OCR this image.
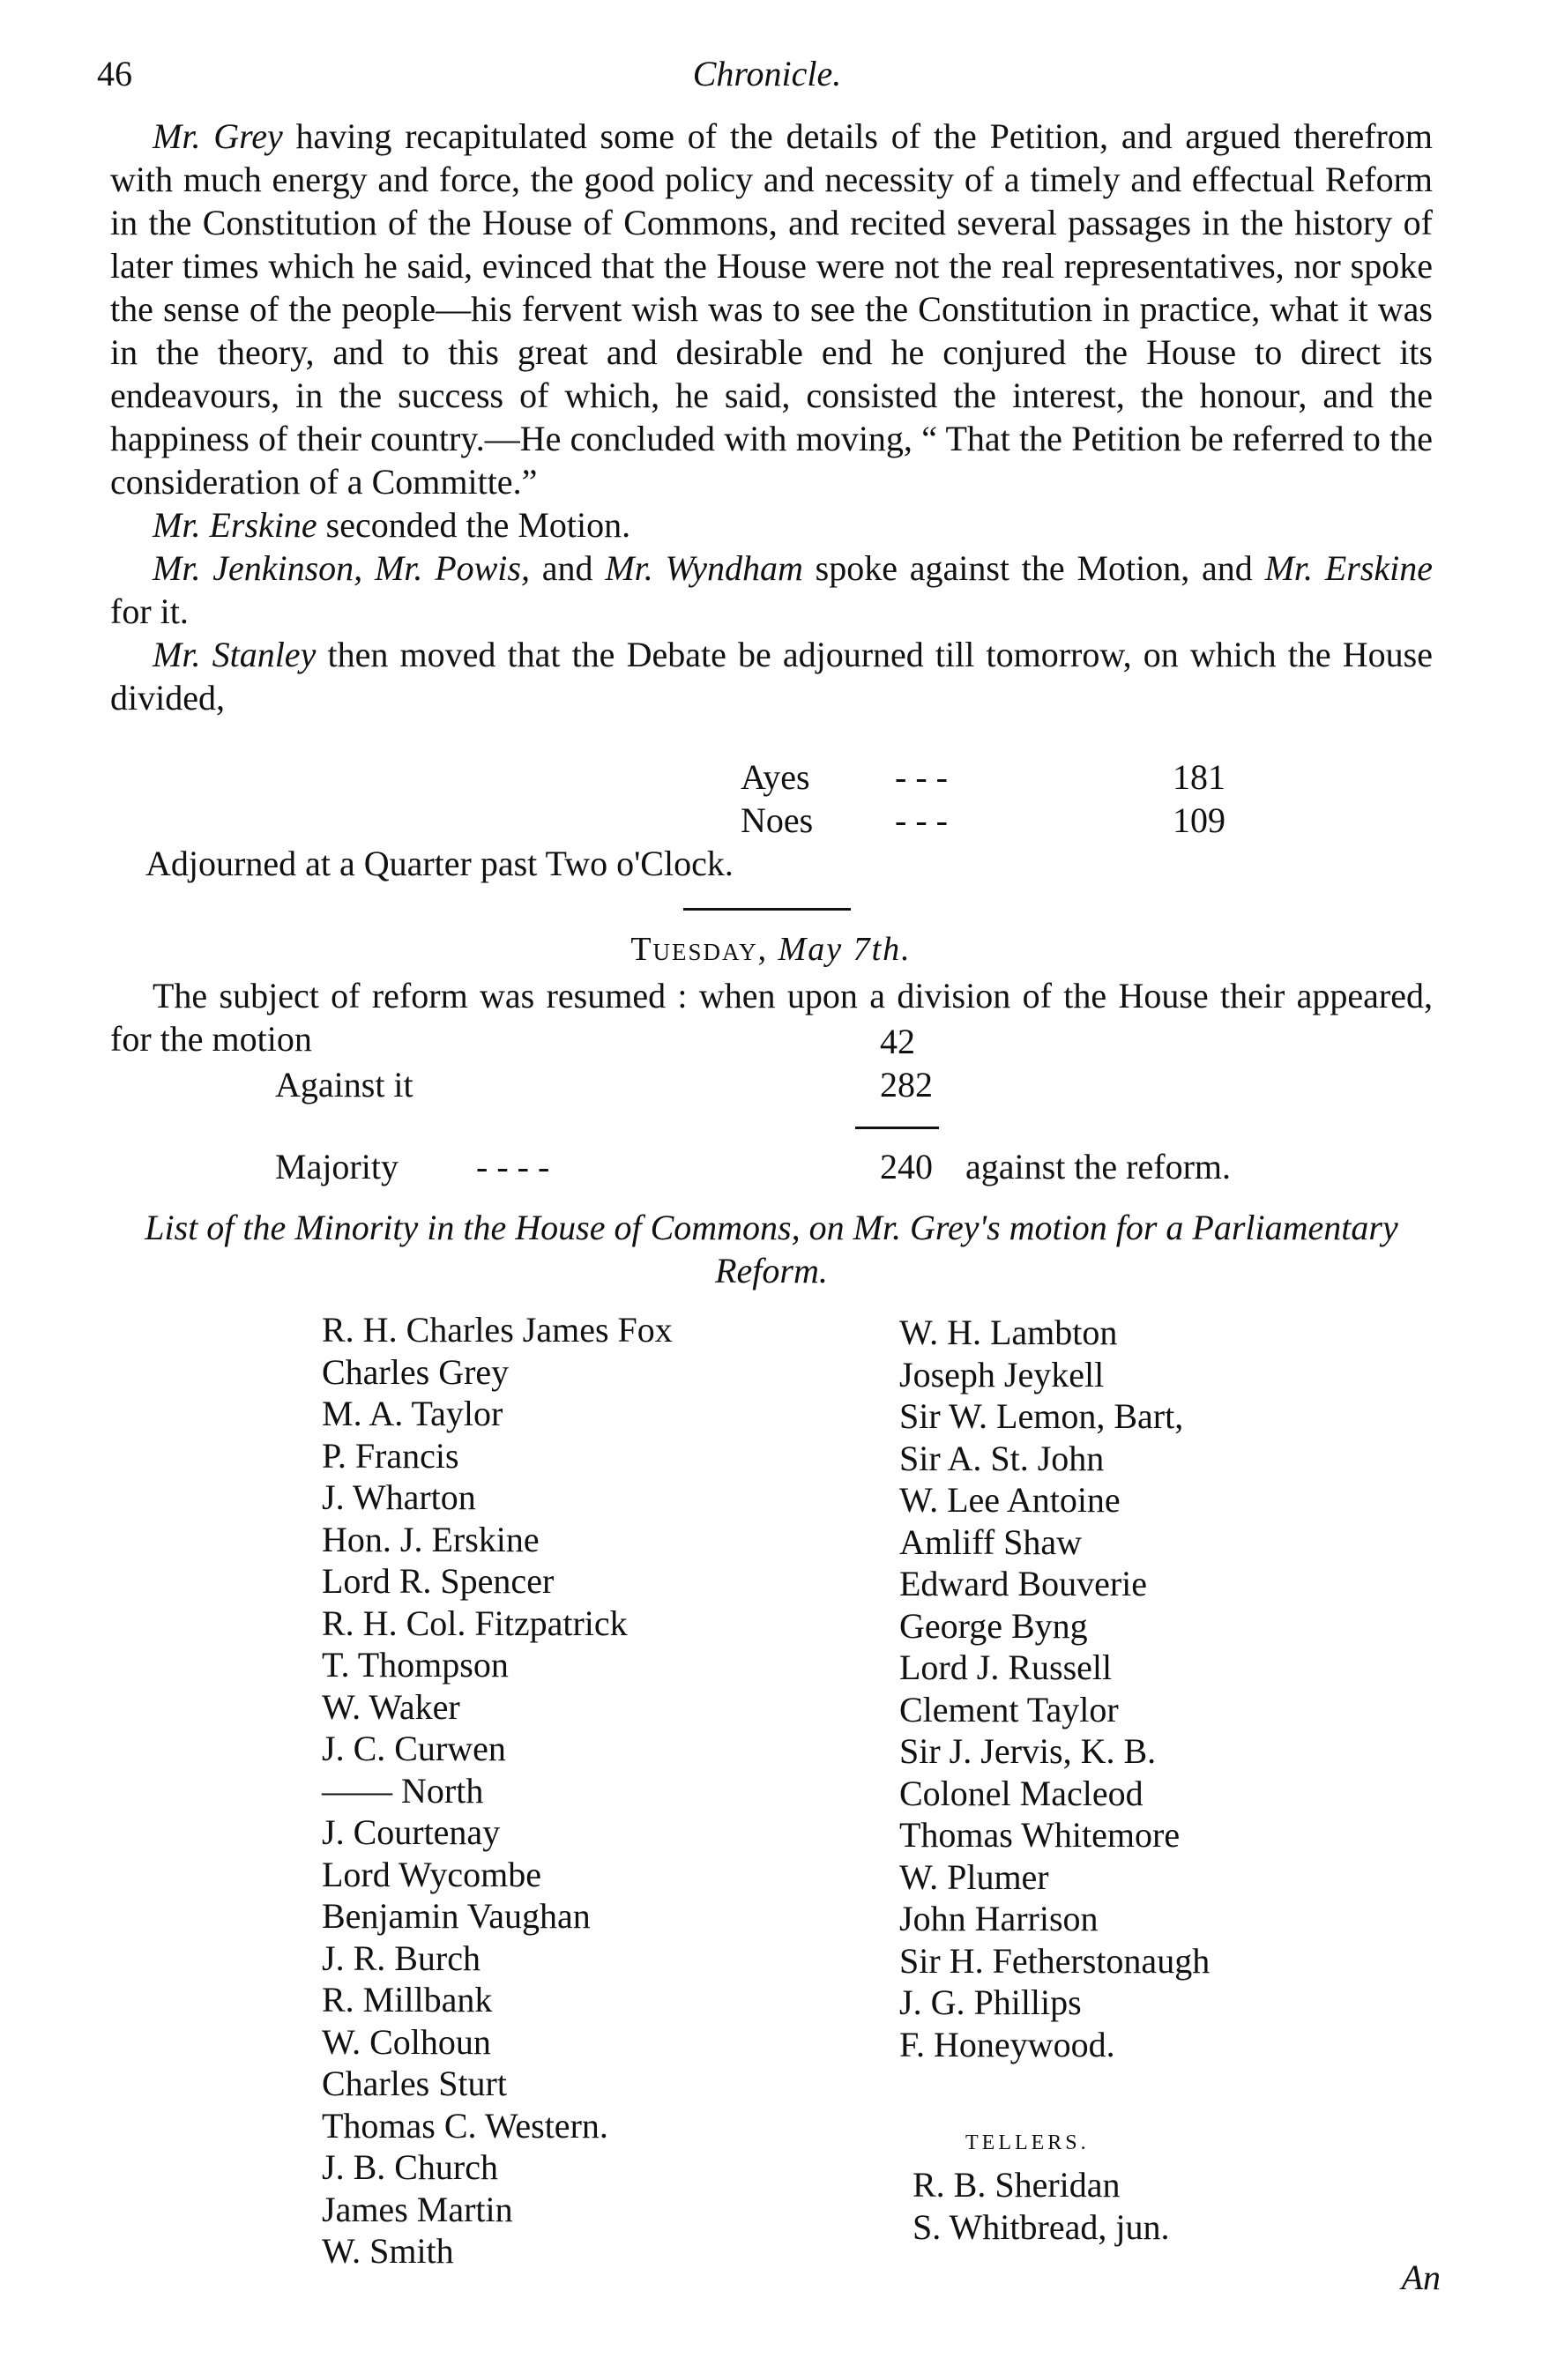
46	Chronicle.

Mr. Grey having recapitulated some of the details of the Petition, and argued therefrom with much energy and force, the good policy and necessity of a timely and effectual Reform in the Constitution of the House of Commons, and recited several passages in the history of later times which he said, evinced that the House were not the real representatives, nor spoke the sense of the people—his fervent wish was to see the Constitution in practice, what it was in the theory, and to this great and desirable end he conjured the House to direct its endeavours, in the success of which, he said, consisted the interest, the honour, and the happiness of their country.—He concluded with moving, “ That the Petition be referred to the consideration of a Committe.”

Mr. Erskine seconded the Motion.

Mr. Jenkinson, Mr. Powis, and Mr. Wyndham spoke against the Motion, and Mr. Erskine for it.

Mr. Stanley then moved that the Debate be adjourned till tomorrow, on which the House divided,

Ayes - - -	181
Noes - - -	109
Adjourned at a Quarter past Two o'Clock.
Tuesday, May 7th.
The subject of reform was resumed : when upon a division of the House their appeared, for the motion	42
Against it	282
Majority - - - -	240 against the reform.
List of the Minority in the House of Commons, on Mr. Grey's motion for a Parliamentary Reform.
R. H. Charles James Fox
Charles Grey
M. A. Taylor
P. Francis
J. Wharton
Hon. J. Erskine
Lord R. Spencer
R. H. Col. Fitzpatrick
T. Thompson
W. Waker
J. C. Curwen
—— North
J. Courtenay
Lord Wycombe
Benjamin Vaughan
J. R. Burch
R. Millbank
W. Colhoun
Charles Sturt
Thomas C. Western.
J. B. Church
James Martin
W. Smith
W. H. Lambton
Joseph Jeykell
Sir W. Lemon, Bart,
Sir A. St. John
W. Lee Antoine
Amliff Shaw
Edward Bouverie
George Byng
Lord J. Russell
Clement Taylor
Sir J. Jervis, K. B.
Colonel Macleod
Thomas Whitemore
W. Plumer
John Harrison
Sir H. Fetherstonaugh
J. G. Phillips
F. Honeywood.
TELLERS.
R. B. Sheridan
S. Whitbread, jun.
An
